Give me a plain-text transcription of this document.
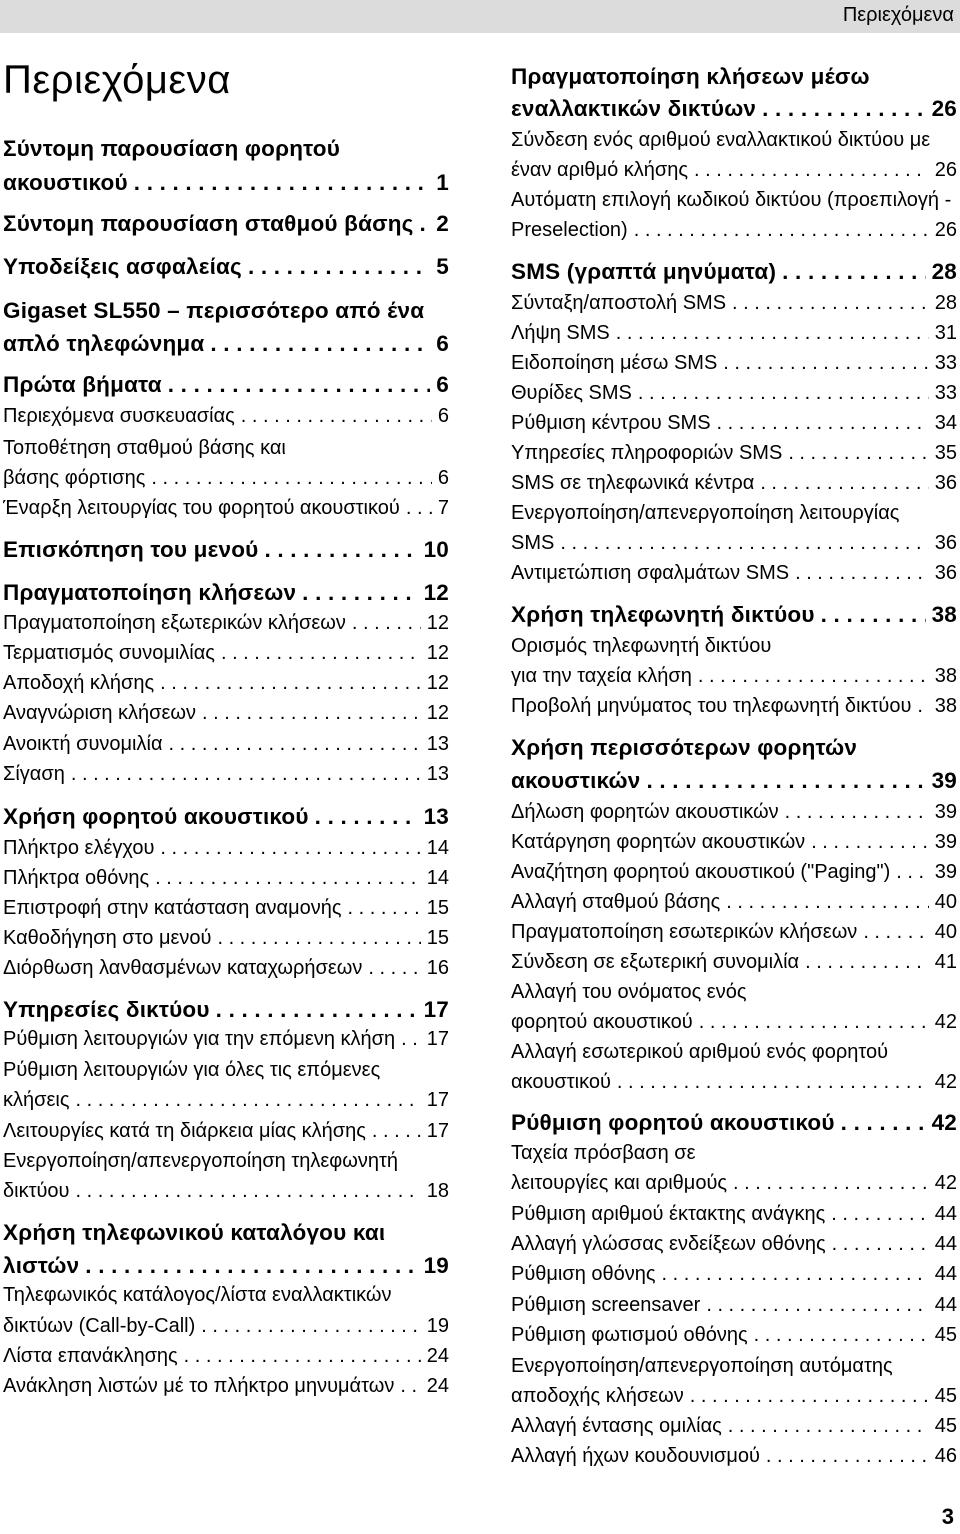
Περιεχόμενα
Περιεχόμενα
Σύντομη παρουσίαση φορητού
ακουστικού . . .	1
Σύντομη παρουσίαση σταθμού βάσης . . . 2
Υποδείξεις ασφαλείας . . .	5
Gigaset SL550 – περισσότερο από ένα
απλό τηλεφώνημα . . .	6
Πρώτα βήματα . . .	6
Περιεχόμενα συσκευασίας . . .	6
Τοποθέτηση σταθμού βάσης και
βάσης φόρτισης . . .	6
Έναρξη λειτουργίας του φορητού ακουστικού . . . 7
Επισκόπηση του μενού . . .	10
Πραγματοποίηση κλήσεων . . .	12
Πραγματοποίηση εξωτερικών κλήσεων . . .	12
Τερματισμός συνομιλίας . . .	12
Αποδοχή κλήσης . . .	12
Αναγνώριση κλήσεων . . .	12
Ανοικτή συνομιλία . . .	13
Σίγαση . . .	13
Χρήση φορητού ακουστικού . . .	13
Πλήκτρο ελέγχου . . .	14
Πλήκτρα οθόνης . . .	14
Επιστροφή στην κατάσταση αναμονής . . .	15
Καθοδήγηση στο μενού . . .	15
Διόρθωση λανθασμένων καταχωρήσεων . . .	16
Υπηρεσίες δικτύου . . .	17
Ρύθμιση λειτουργιών για την επόμενη κλήση . . . 17
Ρύθμιση λειτουργιών για όλες τις επόμενες
κλήσεις . . .	17
Λειτουργίες κατά τη διάρκεια μίας κλήσης . . .	17
Ενεργοποίηση/απενεργοποίηση τηλεφωνητή
δικτύου . . .	18
Χρήση τηλεφωνικού καταλόγου και
λιστών . . .	19
Τηλεφωνικός κατάλογος/λίστα εναλλακτικών
δικτύων (Call-by-Call) . . .	19
Λίστα επανάκλησης . . .	24
Ανάκληση λιστών μέ το πλήκτρο μηνυμάτων . . . 24
Πραγματοποίηση κλήσεων μέσω
εναλλακτικών δικτύων . . .	26
Σύνδεση ενός αριθμού εναλλακτικού δικτύου με
έναν αριθμό κλήσης . . .	26
Αυτόματη επιλογή κωδικού δικτύου (προεπιλογή -
Preselection) . . .	26
SMS (γραπτά μηνύματα) . . .	28
Σύνταξη/αποστολή SMS . . .	28
Λήψη SMS . . .	31
Ειδοποίηση μέσω SMS . . .	33
Θυρίδες SMS . . .	33
Ρύθμιση κέντρου SMS . . .	34
Υπηρεσίες πληροφοριών SMS . . .	35
SMS σε τηλεφωνικά κέντρα . . .	36
Ενεργοποίηση/απενεργοποίηση λειτουργίας
SMS . . .	36
Αντιμετώπιση σφαλμάτων SMS . . .	36
Χρήση τηλεφωνητή δικτύου . . .	38
Ορισμός τηλεφωνητή δικτύου
για την ταχεία κλήση . . .	38
Προβολή μηνύματος του τηλεφωνητή δικτύου . . . 38
Χρήση περισσότερων φορητών
ακουστικών . . .	39
Δήλωση φορητών ακουστικών . . .	39
Κατάργηση φορητών ακουστικών . . .	39
Αναζήτηση φορητού ακουστικού ("Paging") . . . 39
Αλλαγή σταθμού βάσης . . .	40
Πραγματοποίηση εσωτερικών κλήσεων . . .	40
Σύνδεση σε εξωτερική συνομιλία . . .	41
Αλλαγή του ονόματος ενός
φορητού ακουστικού . . .	42
Αλλαγή εσωτερικού αριθμού ενός φορητού
ακουστικού . . .	42
Ρύθμιση φορητού ακουστικού . . .	42
Ταχεία πρόσβαση σε
λειτουργίες και αριθμούς . . .	42
Ρύθμιση αριθμού έκτακτης ανάγκης . . .	44
Αλλαγή γλώσσας ενδείξεων οθόνης . . .	44
Ρύθμιση οθόνης . . .	44
Ρύθμιση screensaver . . .	44
Ρύθμιση φωτισμού οθόνης . . .	45
Ενεργοποίηση/απενεργοποίηση αυτόματης
αποδοχής κλήσεων . . .	45
Αλλαγή έντασης ομιλίας . . .	45
Αλλαγή ήχων κουδουνισμού . . .	46
3
